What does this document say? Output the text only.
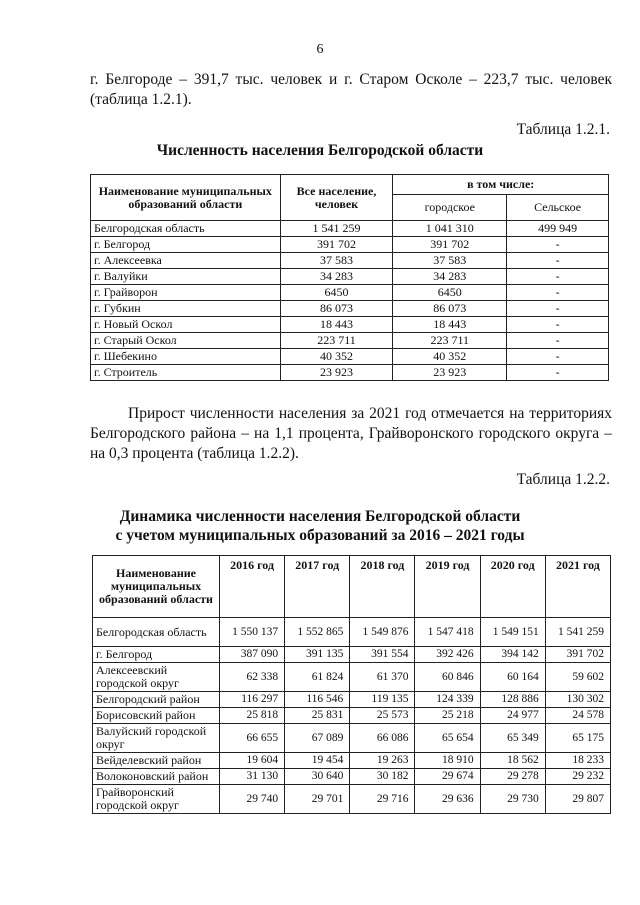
6
г. Белгороде – 391,7 тыс. человек и г. Старом Осколе – 223,7 тыс. человек
(таблица 1.2.1).
Таблица 1.2.1.
Численность населения Белгородской области
Наименование муниципальных образований области	Все население, человек	в том числе:	
		городское	Сельское
Белгородская область	1 541 259	1 041 310	499 949
г. Белгород	391 702	391 702	-
г. Алексеевка	37 583	37 583	-
г. Валуйки	34 283	34 283	-
г. Грайворон	6450	6450	-
г. Губкин	86 073	86 073	-
г. Новый Оскол	18 443	18 443	-
г. Старый Оскол	223 711	223 711	-
г. Шебекино	40 352	40 352	-
г. Строитель	23 923	23 923	-
Прирост численности населения за 2021 год отмечается на территориях
Белгородского района – на 1,1 процента, Грайворонского городского округа –
на 0,3 процента (таблица 1.2.2).
Таблица 1.2.2.
Динамика численности населения Белгородской области
с учетом муниципальных образований за 2016 – 2021 годы
Наименование муниципальных образований области	2016 год	2017 год	2018 год	2019 год	2020 год	2021 год
Белгородская область	1 550 137	1 552 865	1 549 876	1 547 418	1 549 151	1 541 259
г. Белгород	387 090	391 135	391 554	392 426	394 142	391 702
Алексеевский городской округ	62 338	61 824	61 370	60 846	60 164	59 602
Белгородский район	116 297	116 546	119 135	124 339	128 886	130 302
Борисовский район	25 818	25 831	25 573	25 218	24 977	24 578
Валуйский городской округ	66 655	67 089	66 086	65 654	65 349	65 175
Вейделевский район	19 604	19 454	19 263	18 910	18 562	18 233
Волоконовский район	31 130	30 640	30 182	29 674	29 278	29 232
Грайворонский городской округ	29 740	29 701	29 716	29 636	29 730	29 807
